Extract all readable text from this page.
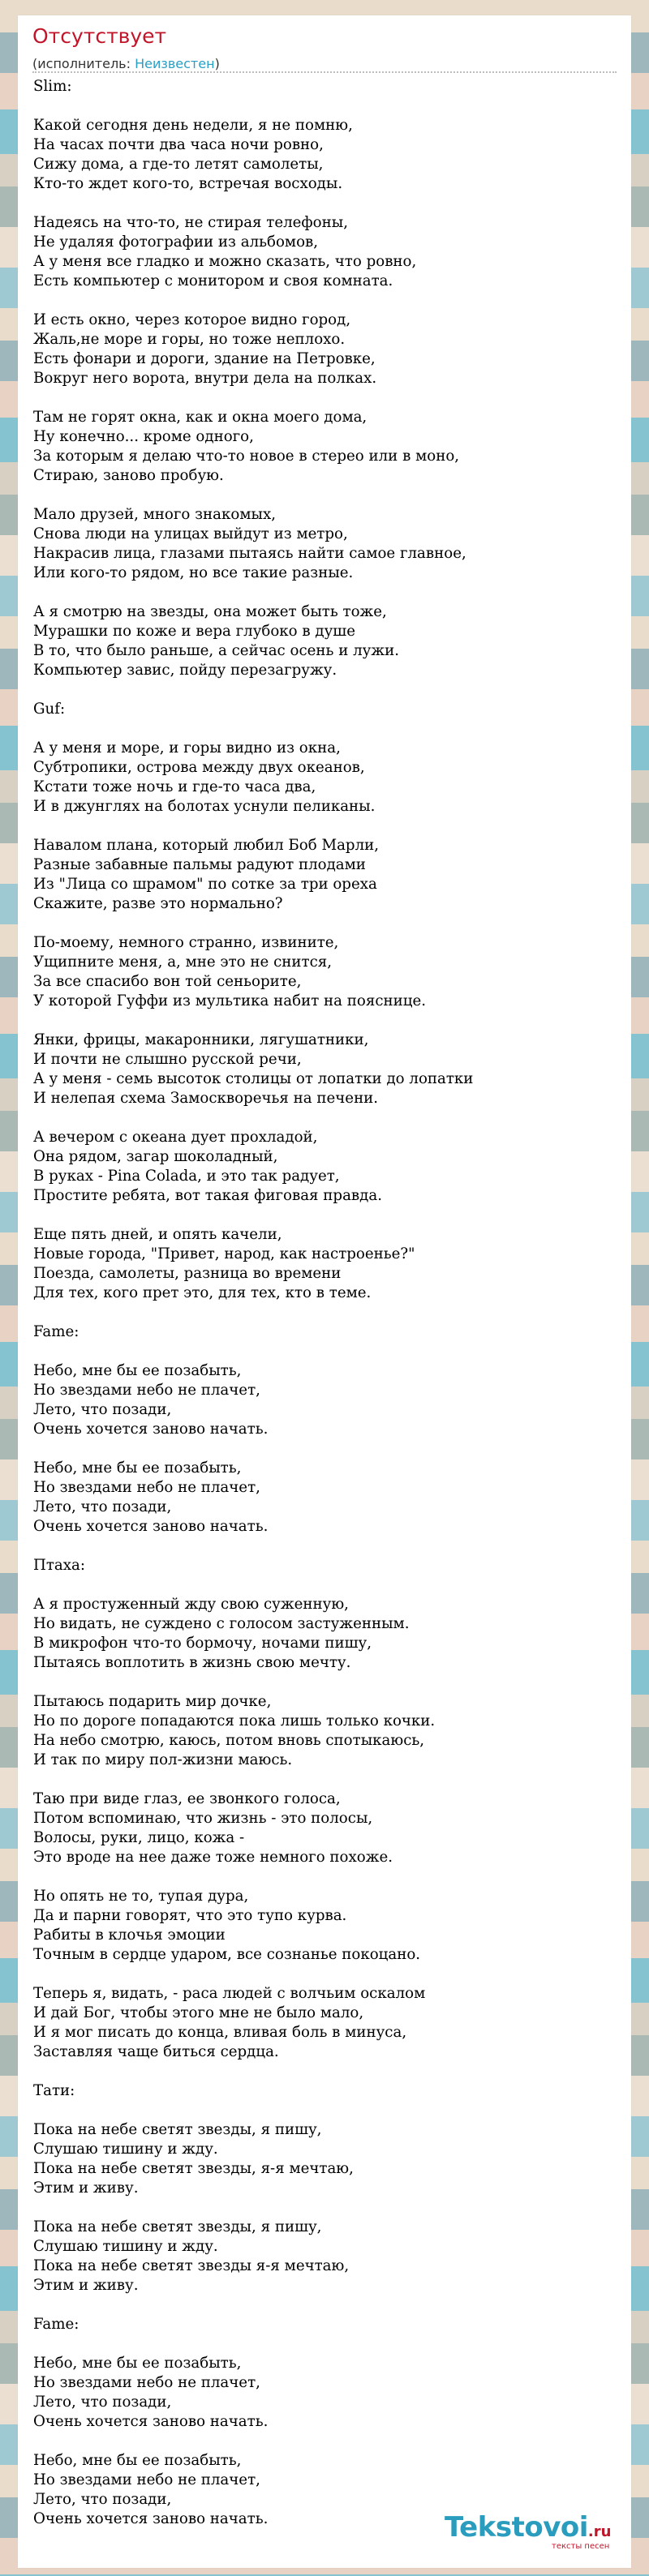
Отсутствует
(исполнитель: Неизвестен)
Slim:

Какой сегодня день недели, я не помню,
На часах почти два часа ночи ровно,
Сижу дома, а где-то летят самолеты,
Кто-то ждет кого-то, встречая восходы.

Надеясь на что-то, не стирая телефоны,
Не удаляя фотографии из альбомов,
А у меня все гладко и можно сказать, что ровно,
Есть компьютер с монитором и своя комната.

И есть окно, через которое видно город,
Жаль,не море и горы, но тоже неплохо.
Есть фонари и дороги, здание на Петровке,
Вокруг него ворота, внутри дела на полках.

Там не горят окна, как и окна моего дома,
Ну конечно... кроме одного,
За которым я делаю что-то новое в стерео или в моно,
Стираю, заново пробую.

Мало друзей, много знакомых,
Снова люди на улицах выйдут из метро,
Накрасив лица, глазами пытаясь найти самое главное,
Или кого-то рядом, но все такие разные.

А я смотрю на звезды, она может быть тоже,
Мурашки по коже и вера глубоко в душе
В то, что было раньше, а сейчас осень и лужи.
Компьютер завис, пойду перезагружу.

Guf:

А у меня и море, и горы видно из окна,
Субтропики, острова между двух океанов,
Кстати тоже ночь и где-то часа два,
И в джунглях на болотах уснули пеликаны.

Навалом плана, который любил Боб Марли,
Разные забавные пальмы радуют плодами
Из "Лица со шрамом" по сотке за три ореха
Скажите, разве это нормально?

По-моему, немного странно, извините,
Ущипните меня, а, мне это не снится,
За все спасибо вон той сеньорите,
У которой Гуффи из мультика набит на пояснице.

Янки, фрицы, макаронники, лягушатники,
И почти не слышно русской речи,
А у меня - семь высоток столицы от лопатки до лопатки
И нелепая схема Замоскворечья на печени.

А вечером с океана дует прохладой,
Она рядом, загар шоколадный,
В руках - Pina Colada, и это так радует,
Простите ребята, вот такая фиговая правда.

Еще пять дней, и опять качели,
Новые города, "Привет, народ, как настроенье?"
Поезда, самолеты, разница во времени
Для тех, кого прет это, для тех, кто в теме.

Fame:

Небо, мне бы ее позабыть,
Но звездами небо не плачет,
Лето, что позади,
Очень хочется заново начать.

Небо, мне бы ее позабыть,
Но звездами небо не плачет,
Лето, что позади,
Очень хочется заново начать.

Птаха:

А я простуженный жду свою суженную,
Но видать, не суждено с голосом застуженным.
В микрофон что-то бормочу, ночами пишу,
Пытаясь воплотить в жизнь свою мечту.

Пытаюсь подарить мир дочке,
Но по дороге попадаются пока лишь только кочки.
На небо смотрю, каюсь, потом вновь спотыкаюсь,
И так по миру пол-жизни маюсь.

Таю при виде глаз, ее звонкого голоса,
Потом вспоминаю, что жизнь - это полосы,
Волосы, руки, лицо, кожа -
Это вроде на нее даже тоже немного похоже.

Но опять не то, тупая дура,
Да и парни говорят, что это тупо курва.
Рабиты в клочья эмоции
Точным в сердце ударом, все сознанье покоцано.

Теперь я, видать, - раса людей с волчьим оскалом
И дай Бог, чтобы этого мне не было мало,
И я мог писать до конца, вливая боль в минуса,
Заставляя чаще биться сердца.

Тати:

Пока на небе светят звезды, я пишу,
Слушаю тишину и жду.
Пока на небе светят звезды, я-я мечтаю,
Этим и живу.

Пока на небе светят звезды, я пишу,
Слушаю тишину и жду.
Пока на небе светят звезды я-я мечтаю,
Этим и живу.

Fame:

Небо, мне бы ее позабыть,
Но звездами небо не плачет,
Лето, что позади,
Очень хочется заново начать.

Небо, мне бы ее позабыть,
Но звездами небо не плачет,
Лето, что позади,
Очень хочется заново начать.	Tekstovoi.ru
тексты песен
